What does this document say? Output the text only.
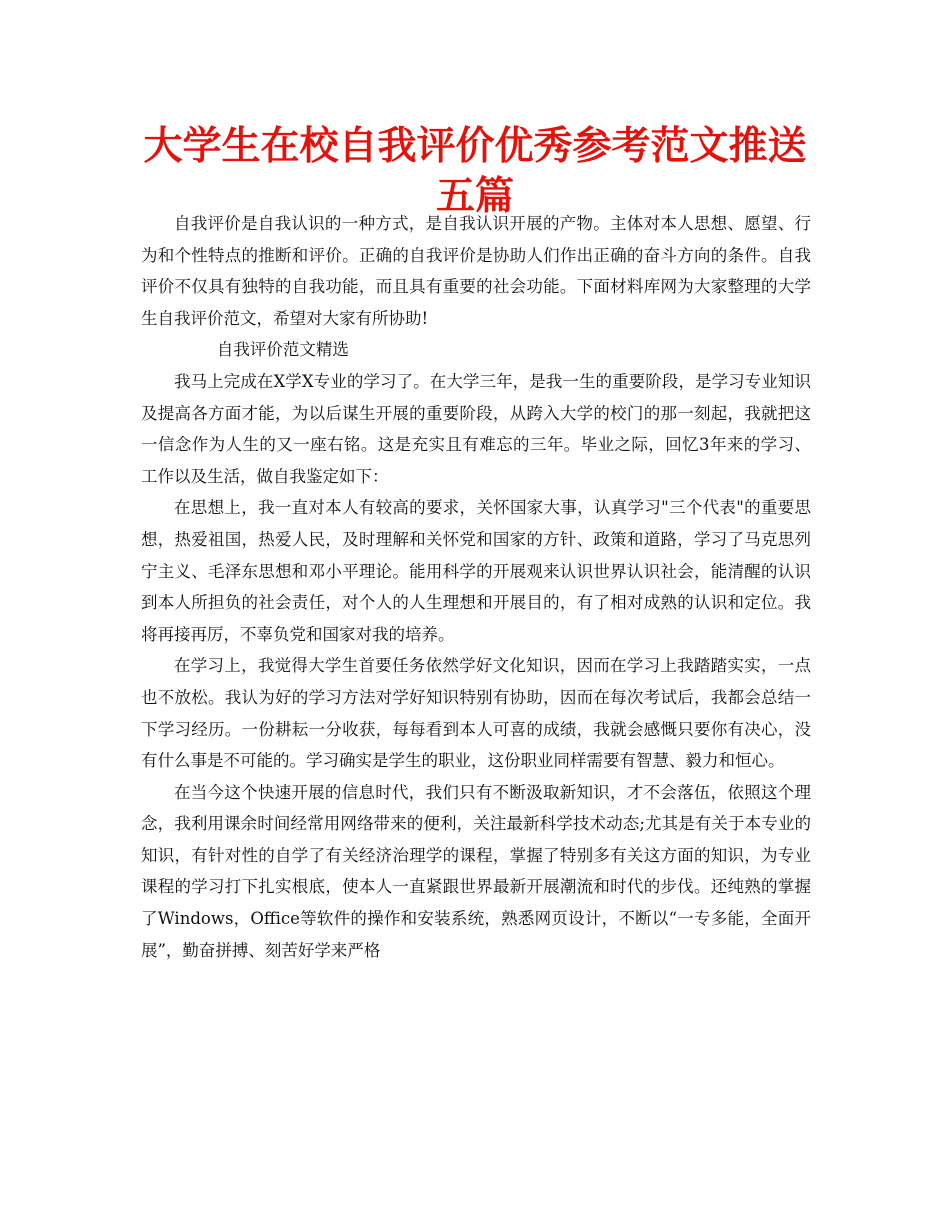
大学生在校自我评价优秀参考范文推送五篇

自我评价是自我认识的一种方式，是自我认识开展的产物。主体对本人思想、愿望、行为和个性特点的推断和评价。正确的自我评价是协助人们作出正确的奋斗方向的条件。自我评价不仅具有独特的自我功能，而且具有重要的社会功能。下面材料库网为大家整理的大学生自我评价范文，希望对大家有所协助!

自我评价范文精选

我马上完成在X学X专业的学习了。在大学三年，是我一生的重要阶段，是学习专业知识及提高各方面才能，为以后谋生开展的重要阶段，从跨入大学的校门的那一刻起，我就把这一信念作为人生的又一座右铭。这是充实且有难忘的三年。毕业之际，回忆3年来的学习、工作以及生活，做自我鉴定如下：

在思想上，我一直对本人有较高的要求，关怀国家大事，认真学习"三个代表"的重要思想，热爱祖国，热爱人民，及时理解和关怀党和国家的方针、政策和道路，学习了马克思列宁主义、毛泽东思想和邓小平理论。能用科学的开展观来认识世界认识社会，能清醒的认识到本人所担负的社会责任，对个人的人生理想和开展目的，有了相对成熟的认识和定位。我将再接再厉，不辜负党和国家对我的培养。

在学习上，我觉得大学生首要任务依然学好文化知识，因而在学习上我踏踏实实，一点也不放松。我认为好的学习方法对学好知识特别有协助，因而在每次考试后，我都会总结一下学习经历。一份耕耘一分收获，每每看到本人可喜的成绩，我就会感慨只要你有决心，没有什么事是不可能的。学习确实是学生的职业，这份职业同样需要有智慧、毅力和恒心。

在当今这个快速开展的信息时代，我们只有不断汲取新知识，才不会落伍，依照这个理念，我利用课余时间经常用网络带来的便利，关注最新科学技术动态;尤其是有关于本专业的知识，有针对性的自学了有关经济治理学的课程，掌握了特别多有关这方面的知识，为专业课程的学习打下扎实根底，使本人一直紧跟世界最新开展潮流和时代的步伐。还纯熟的掌握了Windows，Office等软件的操作和安装系统，熟悉网页设计，不断以“一专多能，全面开展”，勤奋拼搏、刻苦好学来严格
